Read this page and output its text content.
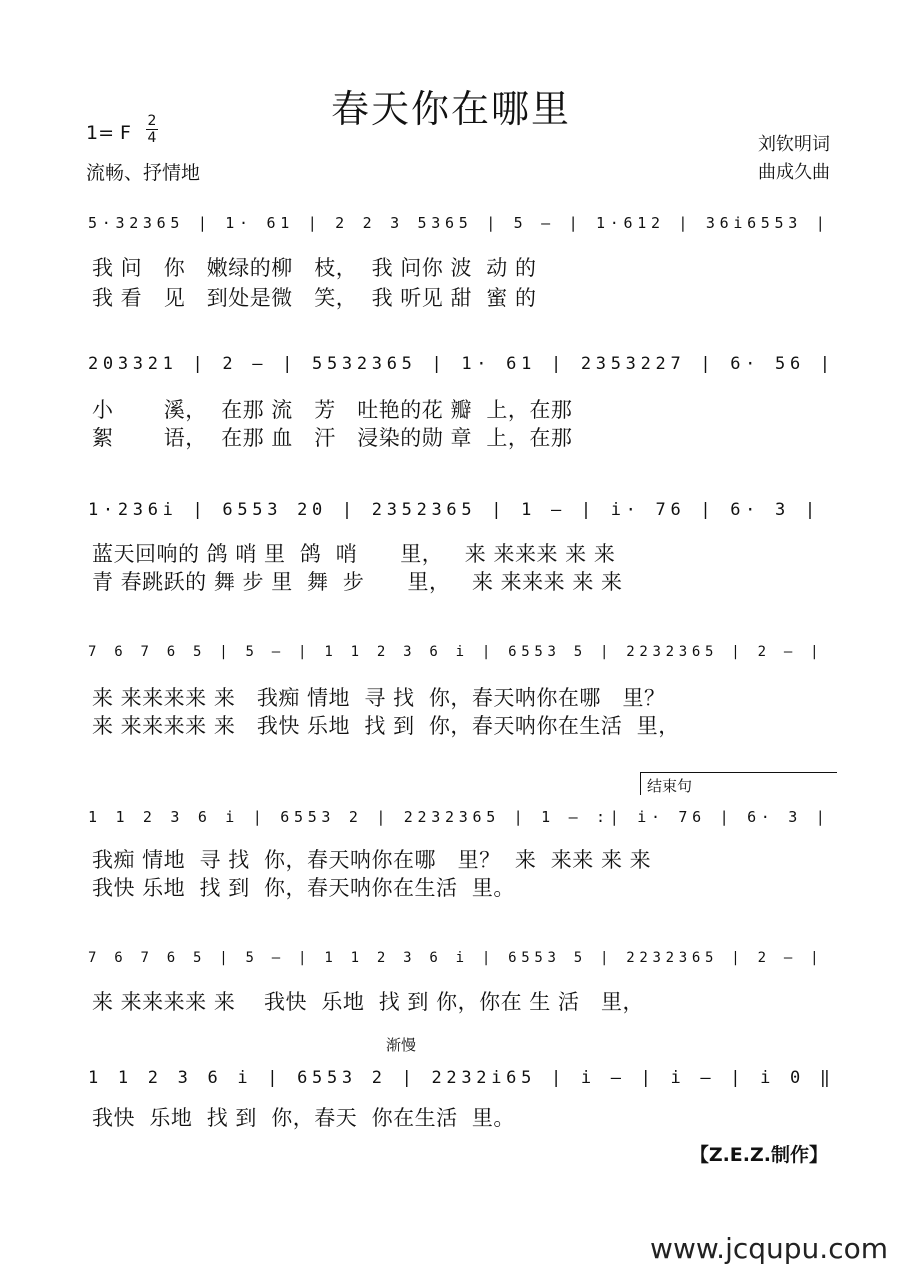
春天你在哪里
1= F
2
4
流畅、抒情地
刘钦明词
曲成久曲
5·32365 | 1· 61 | 2 2 3 5365 | 5 — | 1·612 | 36i6553 |
我 问   你   嫩绿的柳   枝，  我 问你 波  动 的
我 看   见   到处是微   笑，  我 听见 甜  蜜 的
203321 | 2 — | 5532365 | 1· 61 | 2353227 | 6· 56 |
小       溪，  在那 流   芳   吐艳的花 瓣  上，在那
絮       语，  在那 血   汗   浸染的勋 章  上，在那
1·236i | 6553 20 | 2352365 | 1 — | i· 76 | 6· 3 |
蓝天回响的 鸽 哨 里  鸽  哨      里，   来 来来来 来 来
青 春跳跃的 舞 步 里  舞  步      里，   来 来来来 来 来
7 6 7 6 5 | 5 — | 1 1 2 3 6 i | 6553 5 | 2232365 | 2 — |
来 来来来来 来   我痴 情地  寻 找  你，春天呐你在哪   里？
来 来来来来 来   我快 乐地  找 到  你，春天呐你在生活  里，
结束句
1 1 2 3 6 i | 6553 2 | 2232365 | 1 — :| i· 76 | 6· 3 |
我痴 情地  寻 找  你，春天呐你在哪   里？  来  来来 来 来
我快 乐地  找 到  你，春天呐你在生活  里。
7 6 7 6 5 | 5 — | 1 1 2 3 6 i | 6553 5 | 2232365 | 2 — |
来 来来来来 来    我快  乐地  找 到 你，你在 生 活   里，
渐慢
1 1 2 3 6 i | 6553 2 | 2232i65 | i — | i — | i 0 ‖
我快  乐地  找 到  你，春天  你在生活  里。
【Z.E.Z.制作】
www.jcqupu.com
